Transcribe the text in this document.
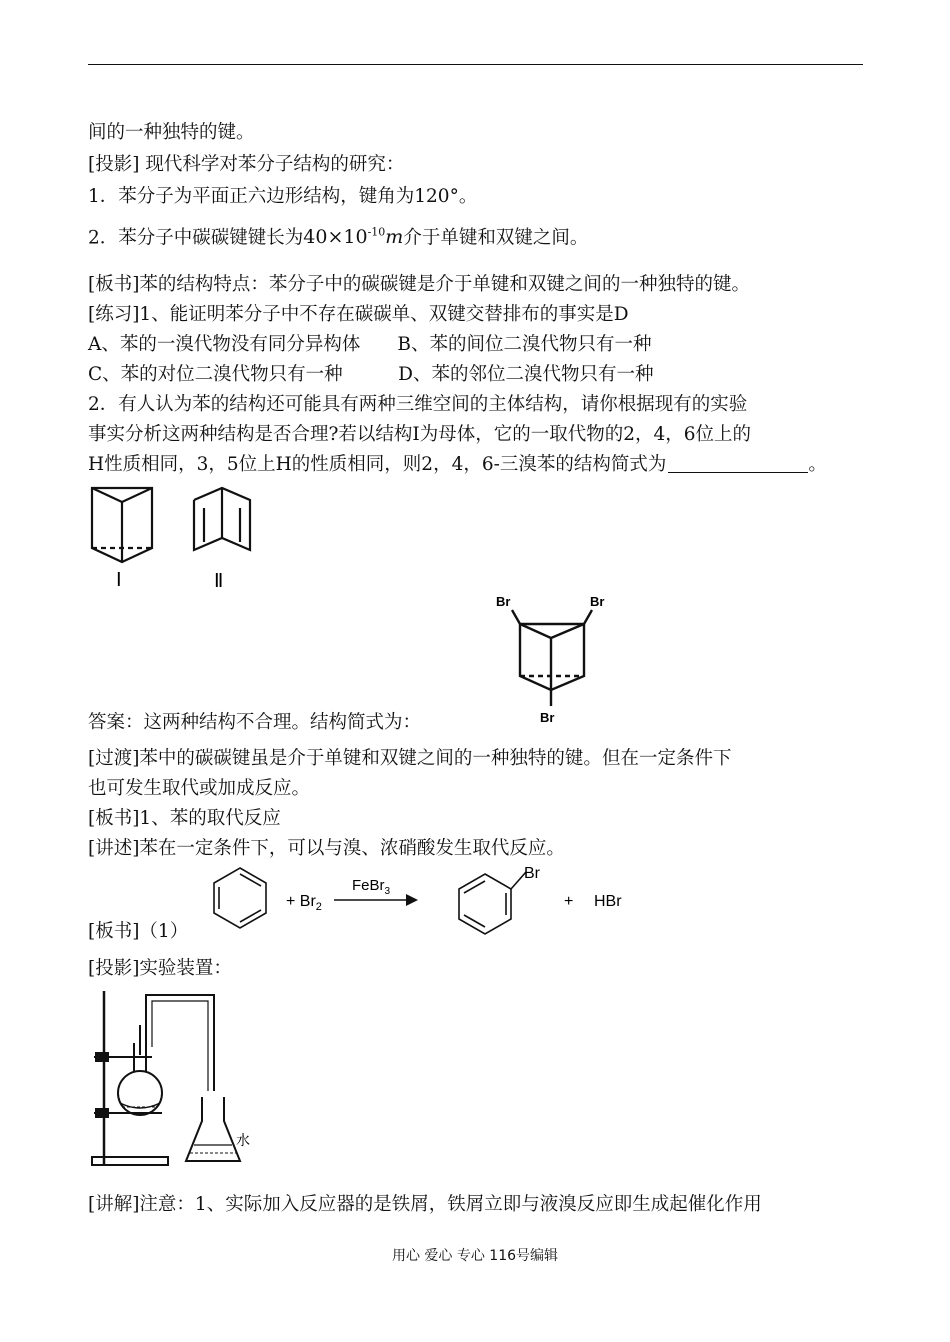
间的一种独特的键。
[投影] 现代科学对苯分子结构的研究：
1．苯分子为平面正六边形结构，键角为120°。
2．苯分子中碳碳键键长为$40\times 10^{-10}m$介于单键和双键之间。
[板书]苯的结构特点：苯分子中的碳碳键是介于单键和双键之间的一种独特的键。
[练习]1、能证明苯分子中不存在碳碳单、双键交替排布的事实是D
A、苯的一溴代物没有同分异构体　　B、苯的间位二溴代物只有一种
C、苯的对位二溴代物只有一种　　　D、苯的邻位二溴代物只有一种
2．有人认为苯的结构还可能具有两种三维空间的主体结构，请你根据现有的实验
事实分析这两种结构是否合理?若以结构Ⅰ为母体，它的一取代物的2，4，6位上的
H性质相同，3，5位上H的性质相同，则2，4，6-三溴苯的结构简式为	。
Ⅰ	Ⅱ
Br	Br
Br
答案：这两种结构不合理。结构简式为：
[过渡]苯中的碳碳键虽是介于单键和双键之间的一种独特的键。但在一定条件下
也可发生取代或加成反应。
[板书]1、苯的取代反应
[讲述]苯在一定条件下，可以与溴、浓硝酸发生取代反应。
+ $Br_2$
FeBr$_3$
Br
+ HBr
[板书]（1）
[投影]实验装置：
水
[讲解]注意：1、实际加入反应器的是铁屑，铁屑立即与液溴反应即生成起催化作用
用心 爱心 专心 116号编辑
